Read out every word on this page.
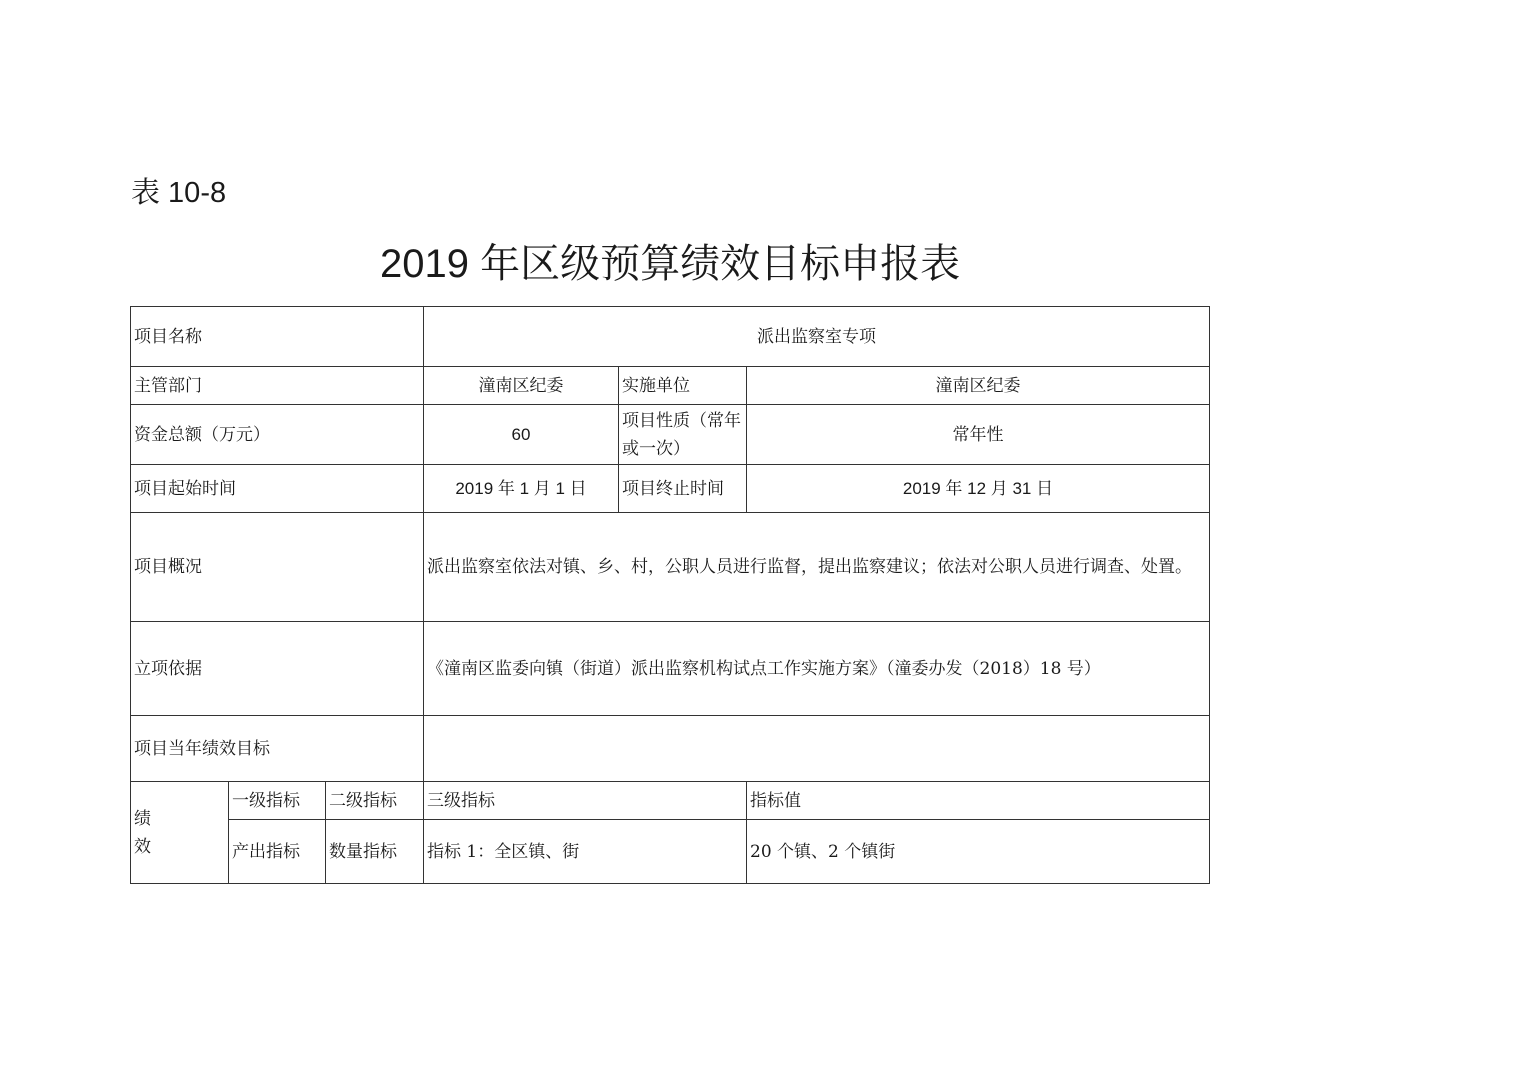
表 10-8
2019 年区级预算绩效目标申报表
项目名称			派出监察室专项		
主管部门			潼南区纪委	实施单位	潼南区纪委
资金总额（万元）			60	项目性质（常年或一次）	常年性
项目起始时间			2019 年 1 月 1 日	项目终止时间	2019 年 12 月 31 日
项目概况			派出监察室依法对镇、乡、村，公职人员进行监督，提出监察建议；依法对公职人员进行调查、处置。		
立项依据			《潼南区监委向镇（街道）派出监察机构试点工作实施方案》（潼委办发（2018）18 号）		
项目当年绩效目标					
绩
效	一级指标	二级指标	三级指标		指标值
	产出指标	数量指标	指标 1：全区镇、街		20 个镇、2 个镇街
